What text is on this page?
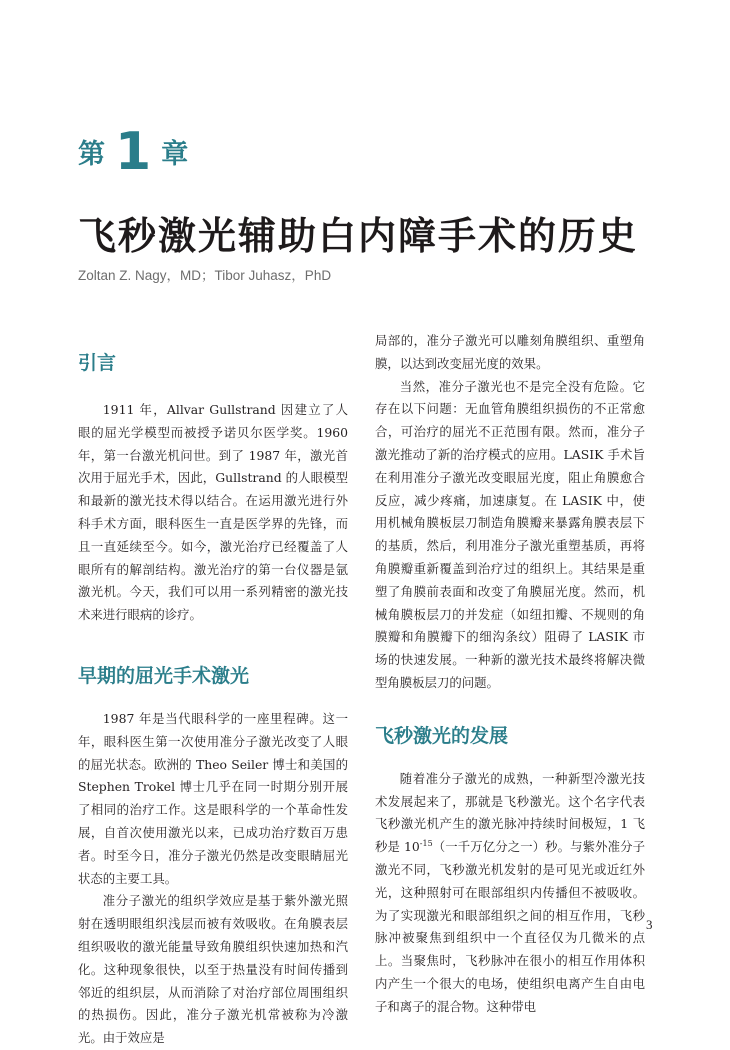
第 1 章
飞秒激光辅助白内障手术的历史
Zoltan Z. Nagy，MD；Tibor Juhasz，PhD
引言

1911 年，Allvar Gullstrand 因建立了人眼的屈光学模型而被授予诺贝尔医学奖。1960 年，第一台激光机问世。到了 1987 年，激光首次用于屈光手术，因此，Gullstrand 的人眼模型和最新的激光技术得以结合。在运用激光进行外科手术方面，眼科医生一直是医学界的先锋，而且一直延续至今。如今，激光治疗已经覆盖了人眼所有的解剖结构。激光治疗的第一台仪器是氩激光机。今天，我们可以用一系列精密的激光技术来进行眼病的诊疗。

早期的屈光手术激光

1987 年是当代眼科学的一座里程碑。这一年，眼科医生第一次使用准分子激光改变了人眼的屈光状态。欧洲的 Theo Seiler 博士和美国的 Stephen Trokel 博士几乎在同一时期分别开展了相同的治疗工作。这是眼科学的一个革命性发展，自首次使用激光以来，已成功治疗数百万患者。时至今日，准分子激光仍然是改变眼睛屈光状态的主要工具。

准分子激光的组织学效应是基于紫外激光照射在透明眼组织浅层而被有效吸收。在角膜表层组织吸收的激光能量导致角膜组织快速加热和汽化。这种现象很快，以至于热量没有时间传播到邻近的组织层，从而消除了对治疗部位周围组织的热损伤。因此，准分子激光机常被称为冷激光。由于效应是

局部的，准分子激光可以雕刻角膜组织、重塑角膜，以达到改变屈光度的效果。

当然，准分子激光也不是完全没有危险。它存在以下问题：无血管角膜组织损伤的不正常愈合，可治疗的屈光不正范围有限。然而，准分子激光推动了新的治疗模式的应用。LASIK 手术旨在利用准分子激光改变眼屈光度，阻止角膜愈合反应，减少疼痛，加速康复。在 LASIK 中，使用机械角膜板层刀制造角膜瓣来暴露角膜表层下的基质，然后，利用准分子激光重塑基质，再将角膜瓣重新覆盖到治疗过的组织上。其结果是重塑了角膜前表面和改变了角膜屈光度。然而，机械角膜板层刀的并发症（如纽扣瓣、不规则的角膜瓣和角膜瓣下的细沟条纹）阻碍了 LASIK 市场的快速发展。一种新的激光技术最终将解决微型角膜板层刀的问题。

飞秒激光的发展

随着准分子激光的成熟，一种新型冷激光技术发展起来了，那就是飞秒激光。这个名字代表飞秒激光机产生的激光脉冲持续时间极短，1 飞秒是 $10^{-15}$（一千万亿分之一）秒。与紫外准分子激光不同，飞秒激光机发射的是可见光或近红外光，这种照射可在眼部组织内传播但不被吸收。为了实现激光和眼部组织之间的相互作用，飞秒脉冲被聚焦到组织中一个直径仅为几微米的点上。当聚焦时，飞秒脉冲在很小的相互作用体积内产生一个很大的电场，使组织电离产生自由电子和离子的混合物。这种带电

3
